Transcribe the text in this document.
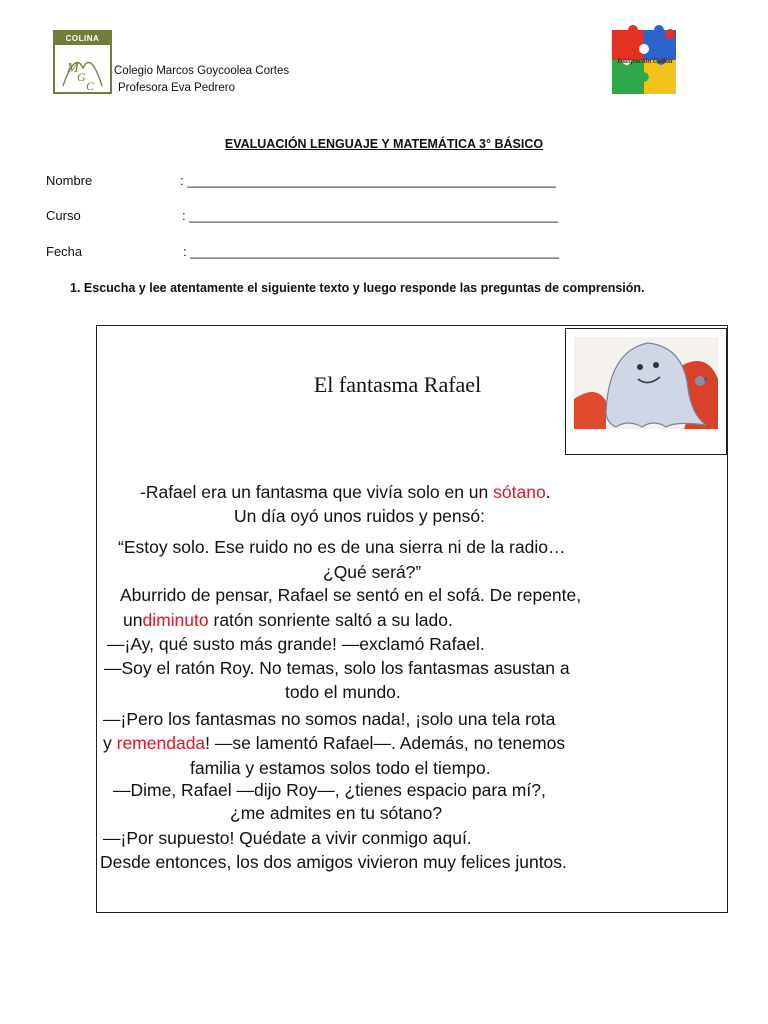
COLINA
M
G
C
Colegio Marcos Goycoolea Cortes
Profesora Eva Pedrero
Integración Colina
EVALUACIÓN LENGUAJE Y MATEMÁTICA 3° BÁSICO
Nombre	: ___________________________________________________
Curso	: ___________________________________________________
Fecha	: ___________________________________________________
1. Escucha y lee atentamente el siguiente texto y luego responde las preguntas de comprensión.
El fantasma Rafael
-Rafael era un fantasma que vivía solo en un sótano.
Un día oyó unos ruidos y pensó:
“Estoy solo. Ese ruido no es de una sierra ni de la radio…
¿Qué será?”
Aburrido de pensar, Rafael se sentó en el sofá. De repente,
undiminuto ratón sonriente saltó a su lado.
—¡Ay, qué susto más grande! —exclamó Rafael.
—Soy el ratón Roy. No temas, solo los fantasmas asustan a
todo el mundo.
—¡Pero los fantasmas no somos nada!, ¡solo una tela rota
y remendada! —se lamentó Rafael—. Además, no tenemos
familia y estamos solos todo el tiempo.
—Dime, Rafael —dijo Roy—, ¿tienes espacio para mí?,
¿me admites en tu sótano?
—¡Por supuesto! Quédate a vivir conmigo aquí.
Desde entonces, los dos amigos vivieron muy felices juntos.
